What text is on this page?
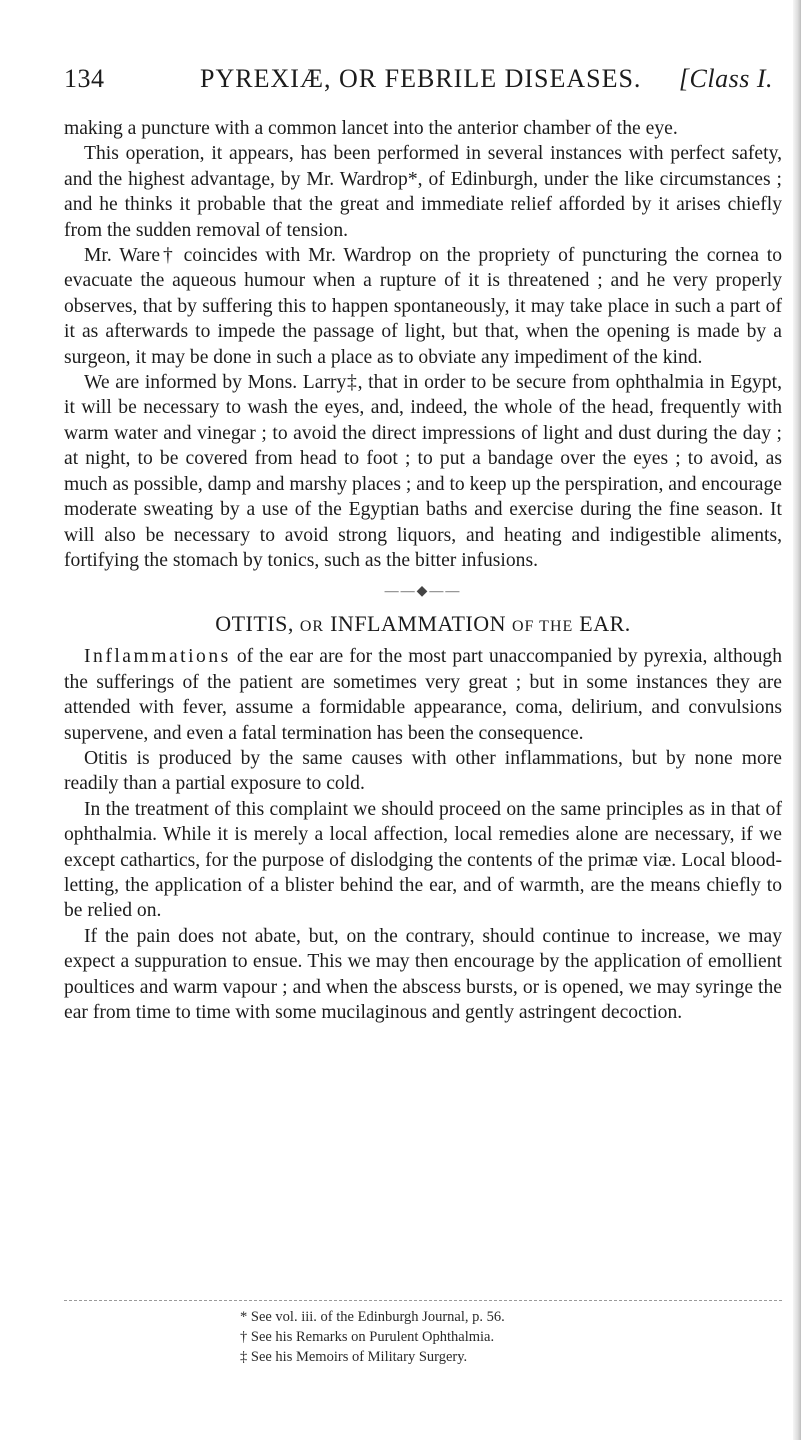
134	PYREXIÆ, OR FEBRILE DISEASES. [Class I.

making a puncture with a common lancet into the anterior chamber of the eye.

This operation, it appears, has been performed in several instances with perfect safety, and the highest advantage, by Mr. Wardrop*, of Edinburgh, under the like circumstances ; and he thinks it probable that the great and immediate relief afforded by it arises chiefly from the sudden removal of tension.

Mr. Ware† coincides with Mr. Wardrop on the propriety of puncturing the cornea to evacuate the aqueous humour when a rupture of it is threatened ; and he very properly observes, that by suffering this to happen spontaneously, it may take place in such a part of it as afterwards to impede the passage of light, but that, when the opening is made by a surgeon, it may be done in such a place as to obviate any impediment of the kind.

We are informed by Mons. Larry‡, that in order to be secure from ophthalmia in Egypt, it will be necessary to wash the eyes, and, indeed, the whole of the head, frequently with warm water and vinegar ; to avoid the direct impressions of light and dust during the day ; at night, to be covered from head to foot ; to put a bandage over the eyes ; to avoid, as much as possible, damp and marshy places ; and to keep up the perspiration, and encourage moderate sweating by a use of the Egyptian baths and exercise during the fine season. It will also be necessary to avoid strong liquors, and heating and indigestible aliments, fortifying the stomach by tonics, such as the bitter infusions.

——◆——
OTITIS, OR INFLAMMATION OF THE EAR.

Inflammations of the ear are for the most part unaccompanied by pyrexia, although the sufferings of the patient are sometimes very great ; but in some instances they are attended with fever, assume a formidable appearance, coma, delirium, and convulsions supervene, and even a fatal termination has been the consequence.

Otitis is produced by the same causes with other inflammations, but by none more readily than a partial exposure to cold.

In the treatment of this complaint we should proceed on the same principles as in that of ophthalmia. While it is merely a local affection, local remedies alone are necessary, if we except cathartics, for the purpose of dislodging the contents of the primæ viæ. Local blood-letting, the application of a blister behind the ear, and of warmth, are the means chiefly to be relied on.

If the pain does not abate, but, on the contrary, should continue to increase, we may expect a suppuration to ensue. This we may then encourage by the application of emollient poultices and warm vapour ; and when the abscess bursts, or is opened, we may syringe the ear from time to time with some mucilaginous and gently astringent decoction.

* See vol. iii. of the Edinburgh Journal, p. 56.
† See his Remarks on Purulent Ophthalmia.
‡ See his Memoirs of Military Surgery.
